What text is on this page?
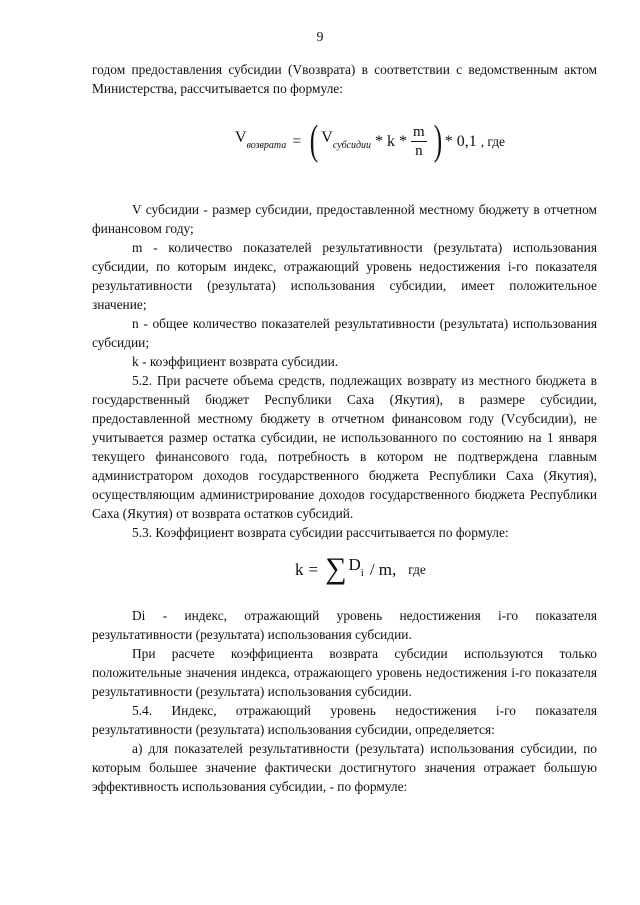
9

годом предоставления субсидии (Vвозврата) в соответствии с ведомственным актом Министерства, рассчитывается по формуле:

$V_{возврата}$ = ( $V_{субсидии}$ * k * $\frac{m}{n}$ ) * 0,1 , где

V субсидии - размер субсидии, предоставленной местному бюджету в отчетном финансовом году;

m - количество показателей результативности (результата) использования субсидии, по которым индекс, отражающий уровень недостижения i-го показателя результативности (результата) использования субсидии, имеет положительное значение;

n - общее количество показателей результативности (результата) использования субсидии;

k - коэффициент возврата субсидии.

5.2. При расчете объема средств, подлежащих возврату из местного бюджета в государственный бюджет Республики Саха (Якутия), в размере субсидии, предоставленной местному бюджету в отчетном финансовом году (Vсубсидии), не учитывается размер остатка субсидии, не использованного по состоянию на 1 января текущего финансового года, потребность в котором не подтверждена главным администратором доходов государственного бюджета Республики Саха (Якутия), осуществляющим администрирование доходов государственного бюджета Республики Саха (Якутия) от возврата остатков субсидий.

5.3. Коэффициент возврата субсидии рассчитывается по формуле:

k = ∑ $D_i$ / m, где

Di - индекс, отражающий уровень недостижения i-го показателя результативности (результата) использования субсидии.

При расчете коэффициента возврата субсидии используются только положительные значения индекса, отражающего уровень недостижения i-го показателя результативности (результата) использования субсидии.

5.4. Индекс, отражающий уровень недостижения i-го показателя результативности (результата) использования субсидии, определяется:

а) для показателей результативности (результата) использования субсидии, по которым большее значение фактически достигнутого значения отражает большую эффективность использования субсидии, - по формуле:
